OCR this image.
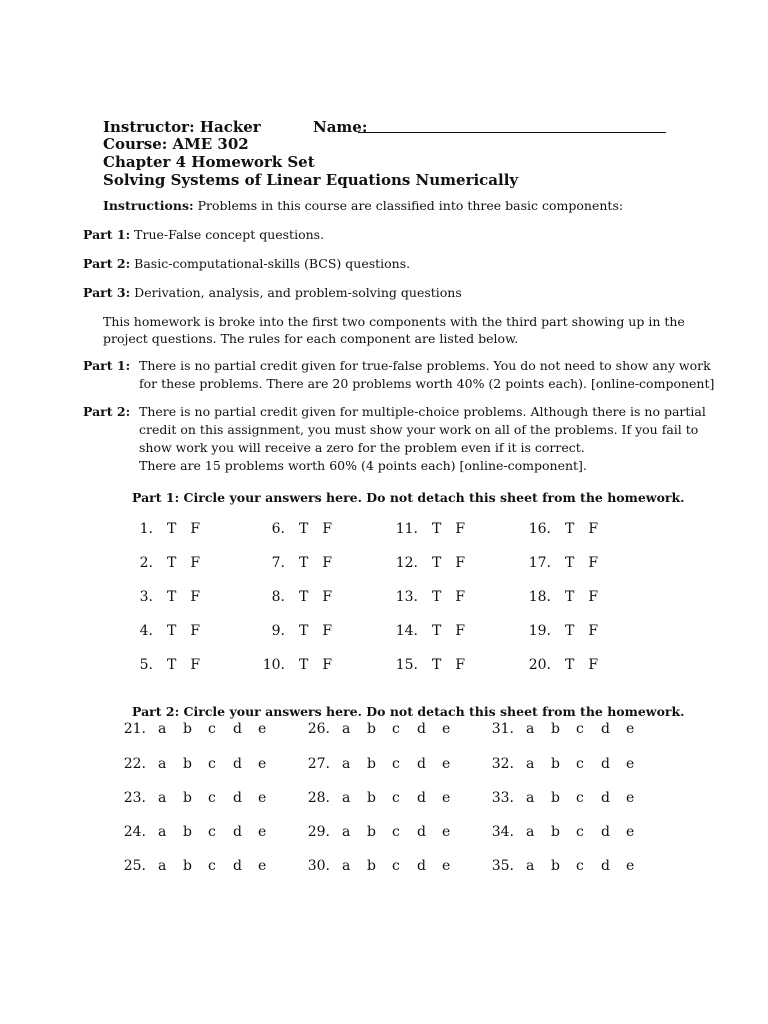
Instructor: Hacker	Name:
Course: AME 302
Chapter 4 Homework Set
Solving Systems of Linear Equations Numerically
Instructions: Problems in this course are classified into three basic components:
Part 1: True-False concept questions.
Part 2: Basic-computational-skills (BCS) questions.
Part 3: Derivation, analysis, and problem-solving questions
This homework is broke into the first two components with the third part showing up in the
project questions. The rules for each component are listed below.
Part 1: There is no partial credit given for true-false problems. You do not need to show any work
for these problems. There are 20 problems worth 40% (2 points each). [online-component]
Part 2: There is no partial credit given for multiple-choice problems. Although there is no partial
credit on this assignment, you must show your work on all of the problems. If you fail to
show work you will receive a zero for the problem even if it is correct.
There are 15 problems worth 60% (4 points each) [online-component].
Part 1: Circle your answers here. Do not detach this sheet from the homework.
1. T F
2. T F
3. T F
4. T F
5. T F
6. T F
7. T F
8. T F
9. T F
10. T F
11. T F
12. T F
13. T F
14. T F
15. T F
16. T F
17. T F
18. T F
19. T F
20. T F
Part 2: Circle your answers here. Do not detach this sheet from the homework.
21. a b c d e
22. a b c d e
23. a b c d e
24. a b c d e
25. a b c d e
26. a b c d e
27. a b c d e
28. a b c d e
29. a b c d e
30. a b c d e
31. a b c d e
32. a b c d e
33. a b c d e
34. a b c d e
35. a b c d e
